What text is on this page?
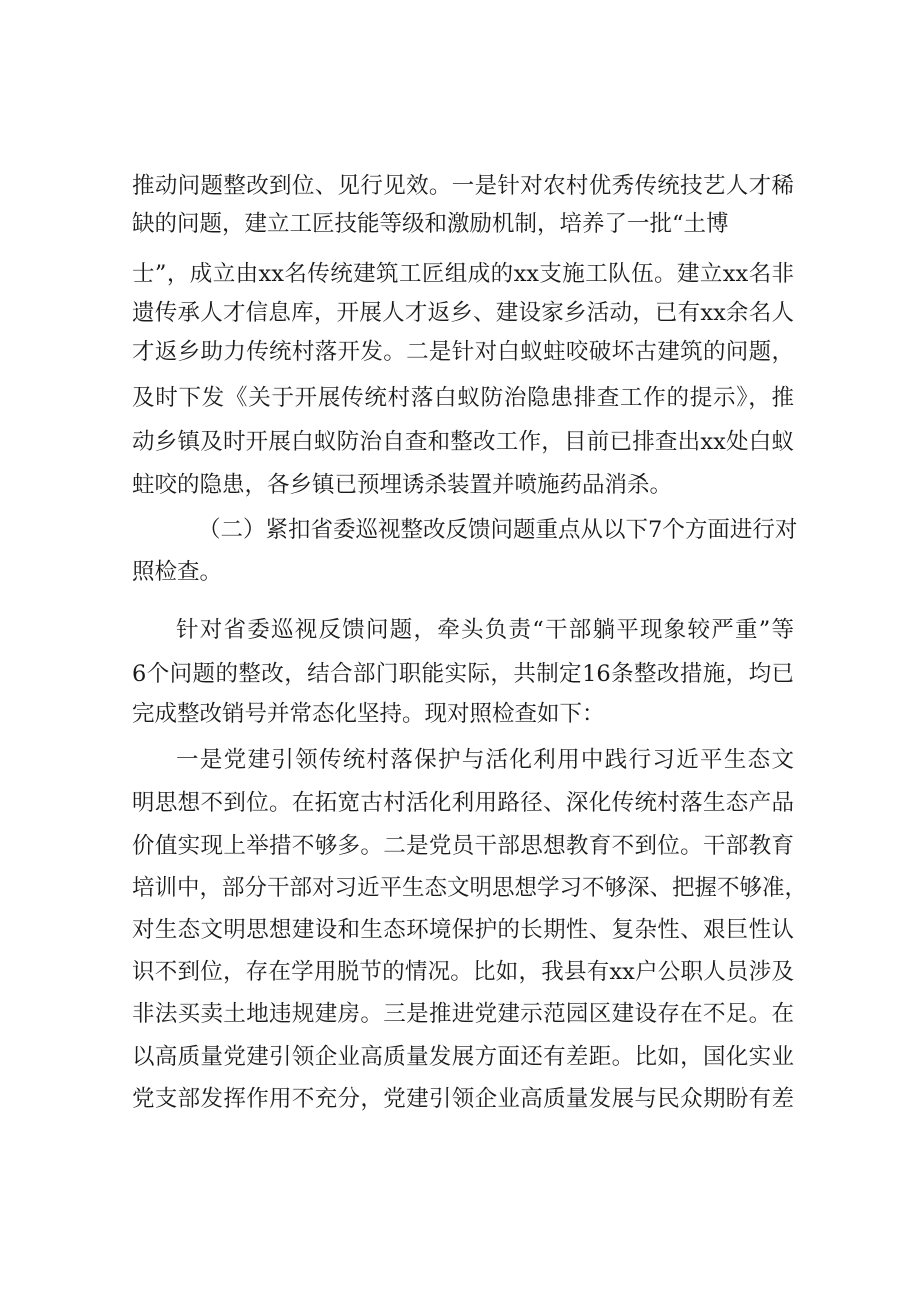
推动问题整改到位、见行见效。一是针对农村优秀传统技艺人才稀
缺的问题，建立工匠技能等级和激励机制，培养了一批“土博
士”，成立由xx名传统建筑工匠组成的xx支施工队伍。建立xx名非
遗传承人才信息库，开展人才返乡、建设家乡活动，已有xx余名人
才返乡助力传统村落开发。二是针对白蚁蛀咬破坏古建筑的问题，
及时下发《关于开展传统村落白蚁防治隐患排查工作的提示》，推
动乡镇及时开展白蚁防治自查和整改工作，目前已排查出xx处白蚁
蛀咬的隐患，各乡镇已预埋诱杀装置并喷施药品消杀。
（二）紧扣省委巡视整改反馈问题重点从以下7个方面进行对
照检查。
针对省委巡视反馈问题，牵头负责“干部躺平现象较严重”等
6个问题的整改，结合部门职能实际，共制定16条整改措施，均已
完成整改销号并常态化坚持。现对照检查如下：
一是党建引领传统村落保护与活化利用中践行习近平生态文
明思想不到位。在拓宽古村活化利用路径、深化传统村落生态产品
价值实现上举措不够多。二是党员干部思想教育不到位。干部教育
培训中，部分干部对习近平生态文明思想学习不够深、把握不够准，
对生态文明思想建设和生态环境保护的长期性、复杂性、艰巨性认
识不到位，存在学用脱节的情况。比如，我县有xx户公职人员涉及
非法买卖土地违规建房。三是推进党建示范园区建设存在不足。在
以高质量党建引领企业高质量发展方面还有差距。比如，国化实业
党支部发挥作用不充分，党建引领企业高质量发展与民众期盼有差
